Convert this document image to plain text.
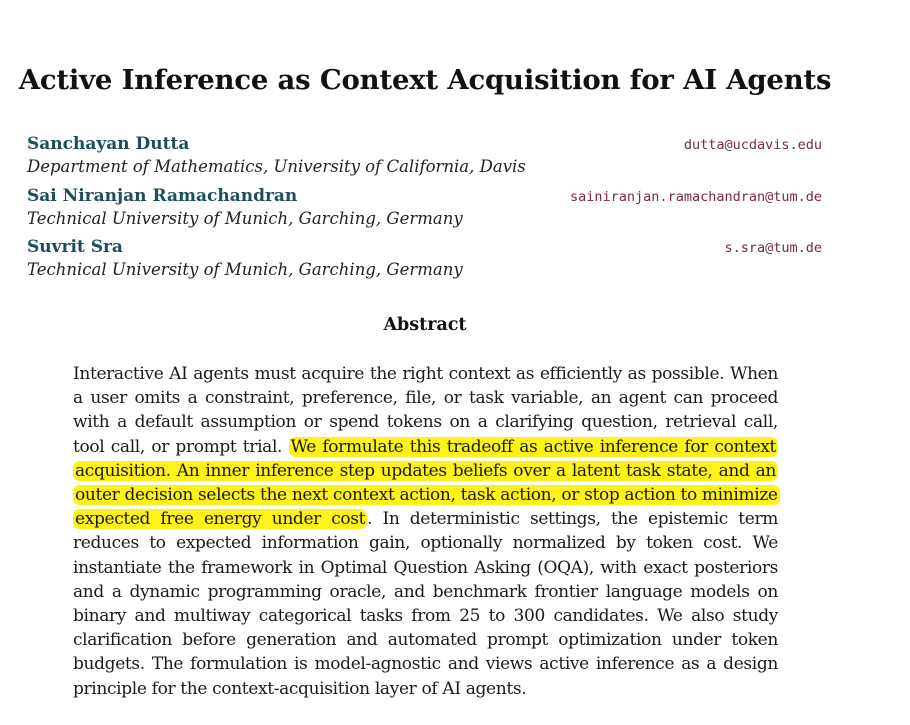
Active Inference as Context Acquisition for AI Agents
Sanchayan Dutta	dutta@ucdavis.edu
Department of Mathematics, University of California, Davis
Sai Niranjan Ramachandran	sainiranjan.ramachandran@tum.de
Technical University of Munich, Garching, Germany
Suvrit Sra	s.sra@tum.de
Technical University of Munich, Garching, Germany
Abstract

Interactive AI agents must acquire the right context as efficiently as possible. When a user omits a constraint, preference, file, or task variable, an agent can proceed with a default assumption or spend tokens on a clarifying question, retrieval call, tool call, or prompt trial. We formulate this tradeoff as active inference for context acquisition. An inner inference step updates beliefs over a latent task state, and an outer decision selects the next context action, task action, or stop action to minimize expected free energy under cost . In deterministic settings, the epistemic term reduces to expected information gain, optionally normalized by token cost. We instantiate the framework in Optimal Question Asking (OQA), with exact posteriors and a dynamic programming oracle, and benchmark frontier language models on binary and multiway categorical tasks from 25 to 300 candidates. We also study clarification before generation and automated prompt optimization under token budgets. The formulation is model-agnostic and views active inference as a design principle for the context-acquisition layer of AI agents.
